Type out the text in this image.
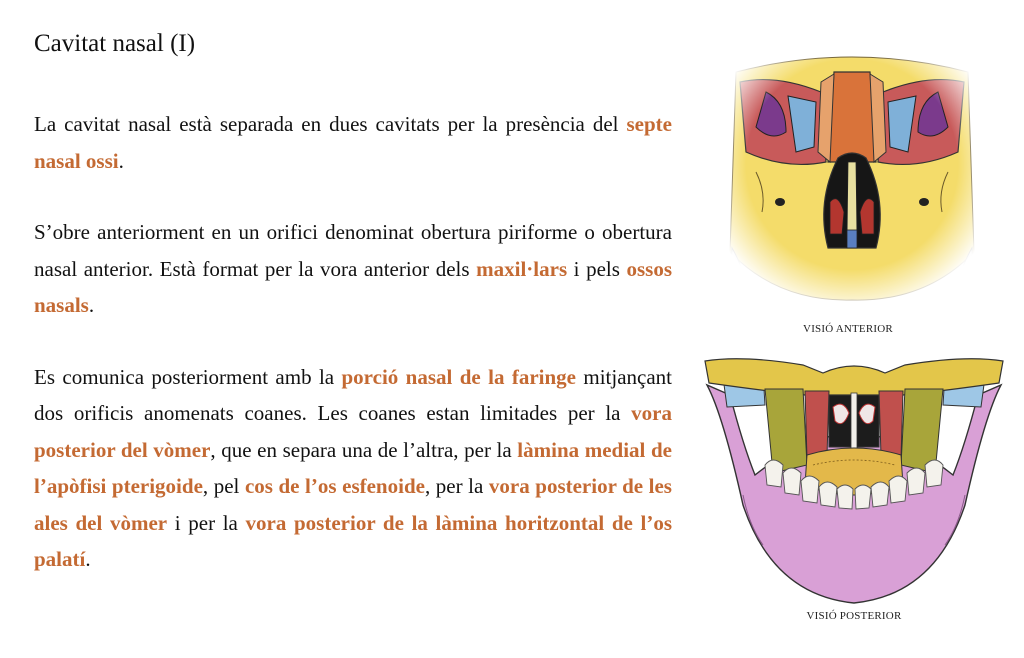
Cavitat nasal (I)

La cavitat nasal està separada en dues cavitats per la presència del septe nasal ossi.

S’obre anteriorment en un orifici denominat obertura piriforme o obertura nasal anterior. Està format per la vora anterior dels maxil·lars i pels ossos nasals.

Es comunica posteriorment amb la porció nasal de la faringe mitjançant dos orificis anomenats coanes. Les coanes estan limitades per la vora posterior del vòmer, que en separa una de l’altra, per la làmina medial de l’apòfisi pterigoide, pel cos de l’os esfenoide, per la vora posterior de les ales del vòmer i per la vora posterior de la làmina horitzontal de l’os palatí.

VISIÓ ANTERIOR
VISIÓ POSTERIOR
